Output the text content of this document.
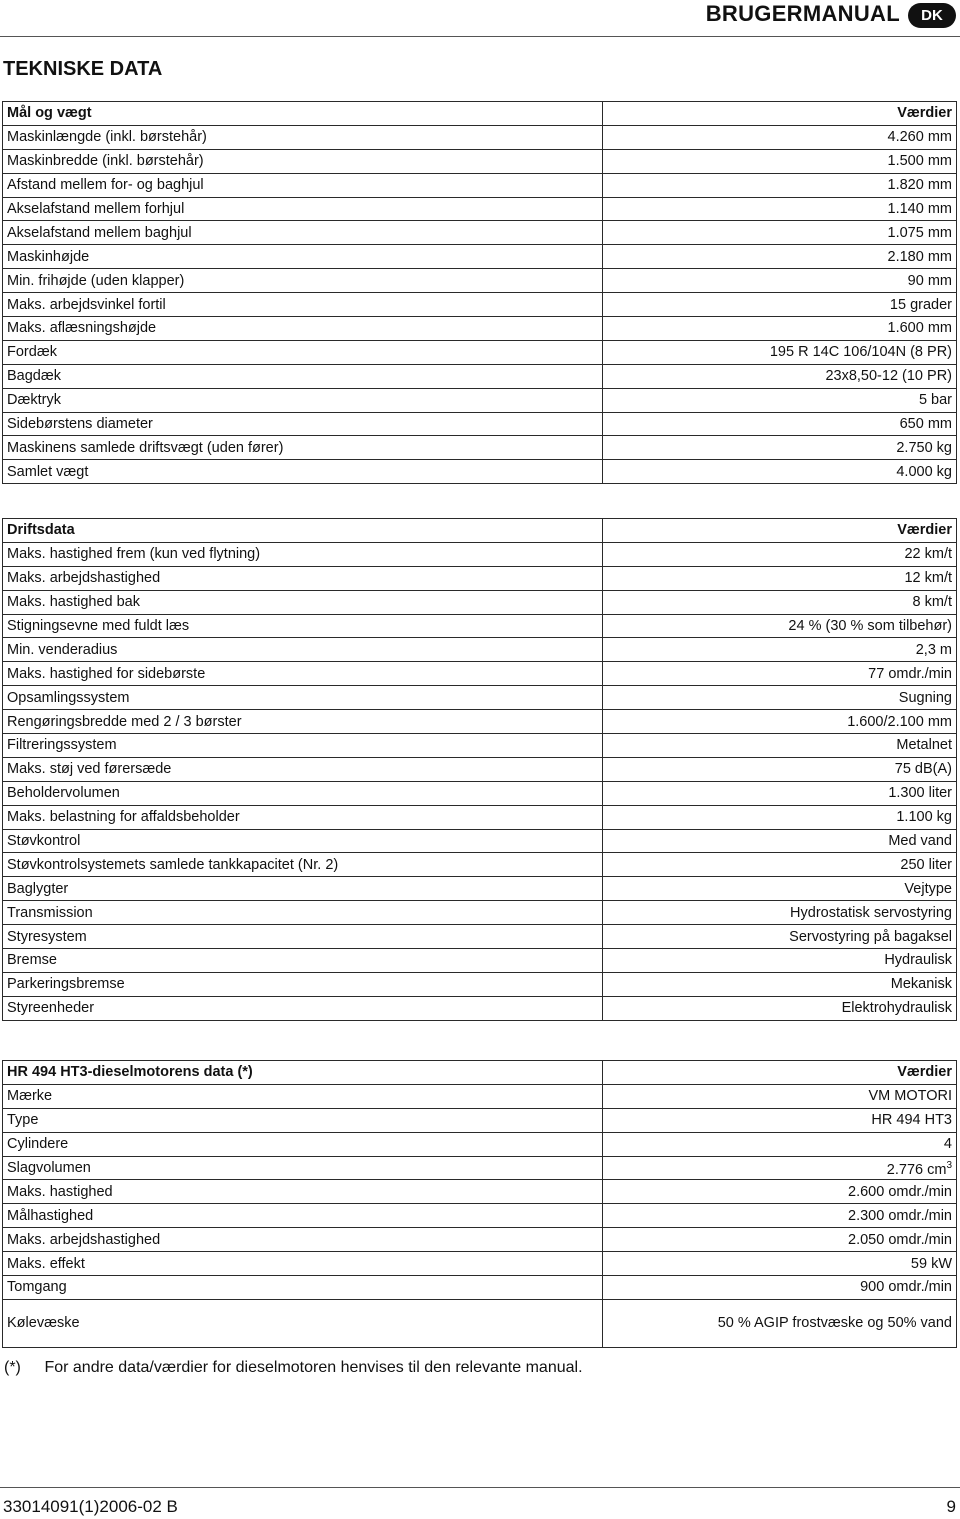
BRUGERMANUAL	DK
TEKNISKE DATA
Mål og vægt	Værdier
Maskinlængde (inkl. børstehår)	4.260 mm
Maskinbredde (inkl. børstehår)	1.500 mm
Afstand mellem for- og baghjul	1.820 mm
Akselafstand mellem forhjul	1.140 mm
Akselafstand mellem baghjul	1.075 mm
Maskinhøjde	2.180 mm
Min. frihøjde (uden klapper)	90 mm
Maks. arbejdsvinkel fortil	15 grader
Maks. aflæsningshøjde	1.600 mm
Fordæk	195 R 14C 106/104N (8 PR)
Bagdæk	23x8,50-12 (10 PR)
Dæktryk	5 bar
Sidebørstens diameter	650 mm
Maskinens samlede driftsvægt (uden fører)	2.750 kg
Samlet vægt	4.000 kg
Driftsdata	Værdier
Maks. hastighed frem (kun ved flytning)	22 km/t
Maks. arbejdshastighed	12 km/t
Maks. hastighed bak	8 km/t
Stigningsevne med fuldt læs	24 % (30 % som tilbehør)
Min. venderadius	2,3 m
Maks. hastighed for sidebørste	77 omdr./min
Opsamlingssystem	Sugning
Rengøringsbredde med 2 / 3 børster	1.600/2.100 mm
Filtreringssystem	Metalnet
Maks. støj ved førersæde	75 dB(A)
Beholdervolumen	1.300 liter
Maks. belastning for affaldsbeholder	1.100 kg
Støvkontrol	Med vand
Støvkontrolsystemets samlede tankkapacitet (Nr. 2)	250 liter
Baglygter	Vejtype
Transmission	Hydrostatisk servostyring
Styresystem	Servostyring på bagaksel
Bremse	Hydraulisk
Parkeringsbremse	Mekanisk
Styreenheder	Elektrohydraulisk
HR 494 HT3-dieselmotorens data (*)	Værdier
Mærke	VM MOTORI
Type	HR 494 HT3
Cylindere	4
Slagvolumen	2.776 $cm^3$
Maks. hastighed	2.600 omdr./min
Målhastighed	2.300 omdr./min
Maks. arbejdshastighed	2.050 omdr./min
Maks. effekt	59 kW
Tomgang	900 omdr./min
Kølevæske	50 % AGIP frostvæske og 50% vand
(*) For andre data/værdier for dieselmotoren henvises til den relevante manual.
33014091(1)2006-02 B	9
